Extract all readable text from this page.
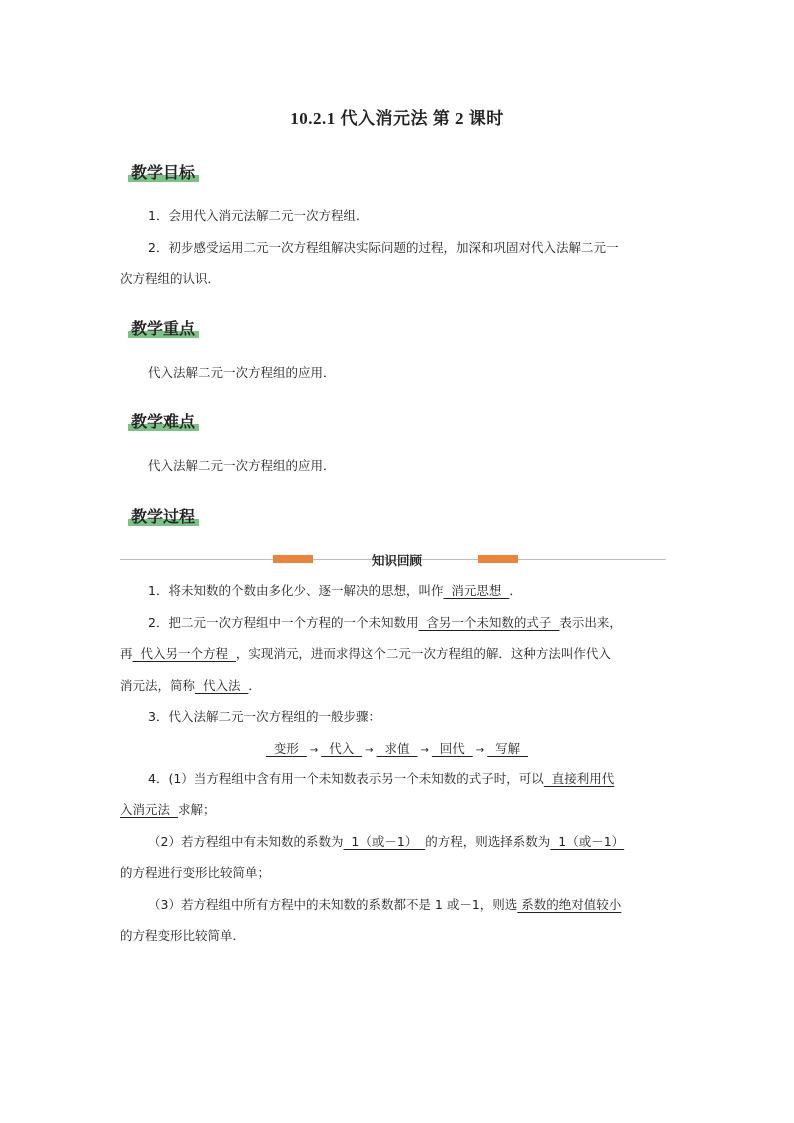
10.2.1 代入消元法 第 2 课时
教学目标
1．会用代入消元法解二元一次方程组．
2．初步感受运用二元一次方程组解决实际问题的过程，加深和巩固对代入法解二元一
次方程组的认识．
教学重点
代入法解二元一次方程组的应用．
教学难点
代入法解二元一次方程组的应用．
教学过程
知识回顾
1．将未知数的个数由多化少、逐一解决的思想，叫作  消元思想  ．
2．把二元一次方程组中一个方程的一个未知数用  含另一个未知数的式子  表示出来，
再  代入另一个方程  ，实现消元，进而求得这个二元一次方程组的解．这种方法叫作代入
消元法，简称  代入法  ．
3．代入法解二元一次方程组的一般步骤：
变形  →  代入  →  求值  →  回代  →  写解
4．(1）当方程组中含有用一个未知数表示另一个未知数的式子时，可以  直接利用代
入消元法  求解；
（2）若方程组中有未知数的系数为  1（或－1）  的方程，则选择系数为  1（或－1）
的方程进行变形比较简单；
（3）若方程组中所有方程中的未知数的系数都不是 1 或－1，则选 系数的绝对值较小
的方程变形比较简单．
